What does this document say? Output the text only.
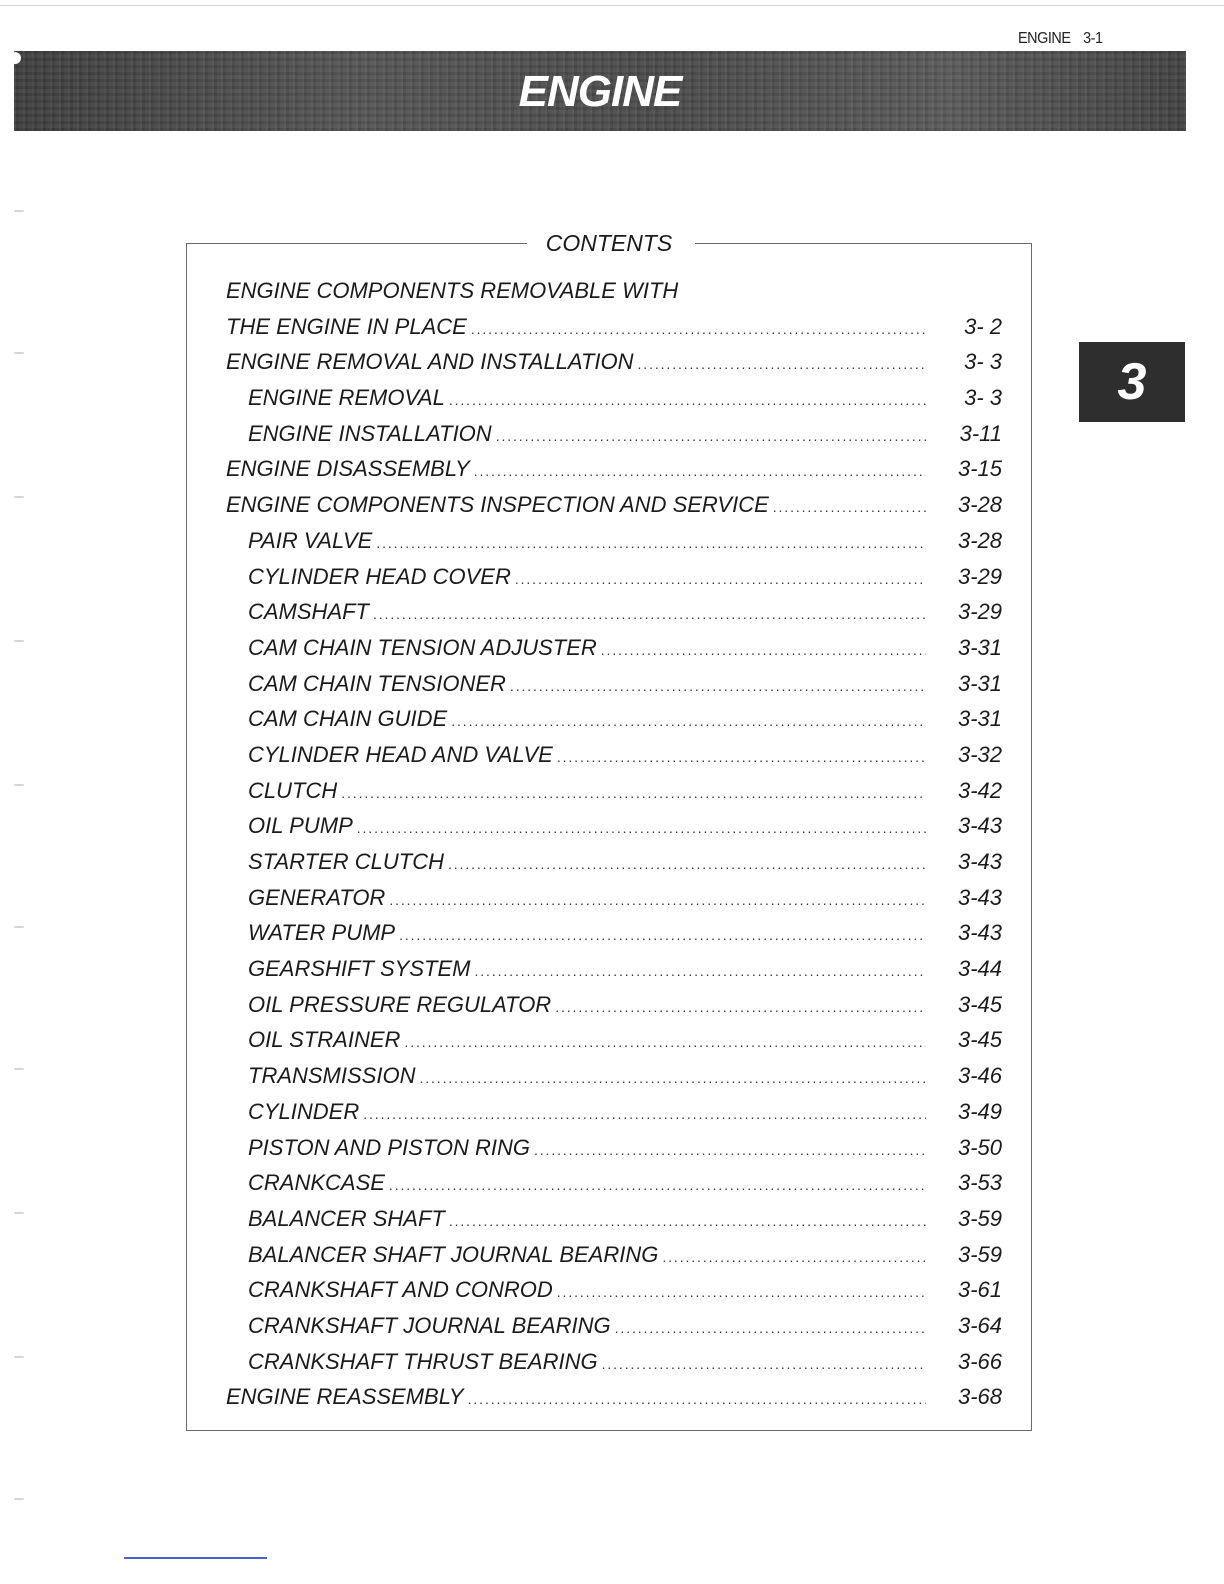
ENGINE 3-1
ENGINE
3
CONTENTS
ENGINE COMPONENTS REMOVABLE WITH
THE ENGINE IN PLACE . . .	3- 2
ENGINE REMOVAL AND INSTALLATION . . .	3- 3
ENGINE REMOVAL . . .	3- 3
ENGINE INSTALLATION . . .	3-11
ENGINE DISASSEMBLY . . .	3-15
ENGINE COMPONENTS INSPECTION AND SERVICE . . .	3-28
PAIR VALVE . . .	3-28
CYLINDER HEAD COVER . . .	3-29
CAMSHAFT . . .	3-29
CAM CHAIN TENSION ADJUSTER . . .	3-31
CAM CHAIN TENSIONER . . .	3-31
CAM CHAIN GUIDE . . .	3-31
CYLINDER HEAD AND VALVE . . .	3-32
CLUTCH . . .	3-42
OIL PUMP . . .	3-43
STARTER CLUTCH . . .	3-43
GENERATOR . . .	3-43
WATER PUMP . . .	3-43
GEARSHIFT SYSTEM . . .	3-44
OIL PRESSURE REGULATOR . . .	3-45
OIL STRAINER . . .	3-45
TRANSMISSION . . .	3-46
CYLINDER . . .	3-49
PISTON AND PISTON RING . . .	3-50
CRANKCASE . . .	3-53
BALANCER SHAFT . . .	3-59
BALANCER SHAFT JOURNAL BEARING . . .	3-59
CRANKSHAFT AND CONROD . . .	3-61
CRANKSHAFT JOURNAL BEARING . . .	3-64
CRANKSHAFT THRUST BEARING . . .	3-66
ENGINE REASSEMBLY . . .	3-68
